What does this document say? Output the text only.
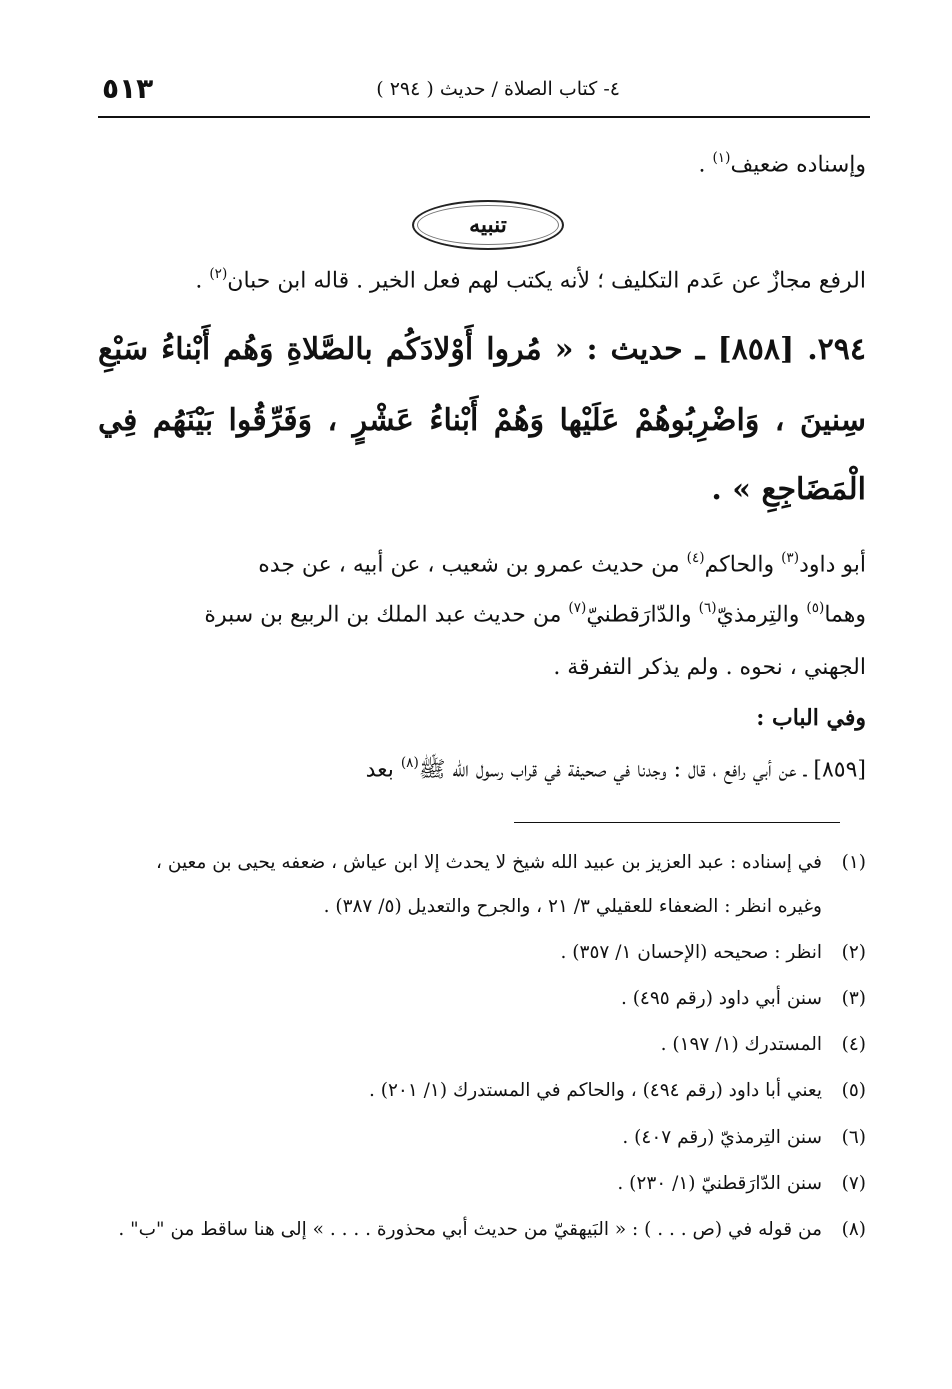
٥١٣	٤- كتاب الصلاة / حديث ( ٢٩٤ )
وإسناده ضعيف$^{(١)}$ .
تنبيه
الرفع مجازٌ عن عَدم التكليف ؛ لأنه يكتب لهم فعل الخير . قاله ابن حبان$^{(٢)}$ .
٢٩٤. [٨٥٨] ـ حديث : « مُروا أَوْلادَكُم بالصَّلاةِ وَهُم أَبْناءُ سَبْعِ
سِنينَ ، وَاضْرِبُوهُمْ عَلَيْها وَهُمْ أَبْناءُ عَشْرٍ ، وَفَرِّقُوا بَيْنَهُم فِي
الْمَضَاجِعِ » .
أبو داود$^{(٣)}$ والحاكم$^{(٤)}$ من حديث عمرو بن شعيب ، عن أبيه ، عن جده
وهما$^{(٥)}$ والتِرمذيّ$^{(٦)}$ والدّارَقطنيّ$^{(٧)}$ من حديث عبد الملك بن الربيع بن سبرة
الجهني ، نحوه . ولم يذكر التفرقة .
وفي الباب :
[٨٥٩] ـ عن أبي رافع ، قال : وجدنا في صحيفة في قراب رسول الله ﷺ$^{(٨)}$ بعد
(١)في إسناده : عبد العزيز بن عبيد الله شيخ لا يحدث إلا ابن عياش ، ضعفه يحيى بن معين ،
وغيره انظر : الضعفاء للعقيلي ٣/ ٢١ ، والجرح والتعديل (٥/ ٣٨٧) .
(٢)انظر : صحيحه (الإحسان ١/ ٣٥٧) .
(٣)سنن أبي داود (رقم ٤٩٥) .
(٤)المستدرك (١/ ١٩٧) .
(٥)يعني أبا داود (رقم ٤٩٤) ، والحاكم في المستدرك (١/ ٢٠١) .
(٦)سنن التِرمذيّ (رقم ٤٠٧) .
(٧)سنن الدّارَقطنيّ (١/ ٢٣٠) .
(٨)من قوله في (ص . . . ) : « البَيهقيّ من حديث أبي محذورة . . . . » إلى هنا ساقط من "ب" .
